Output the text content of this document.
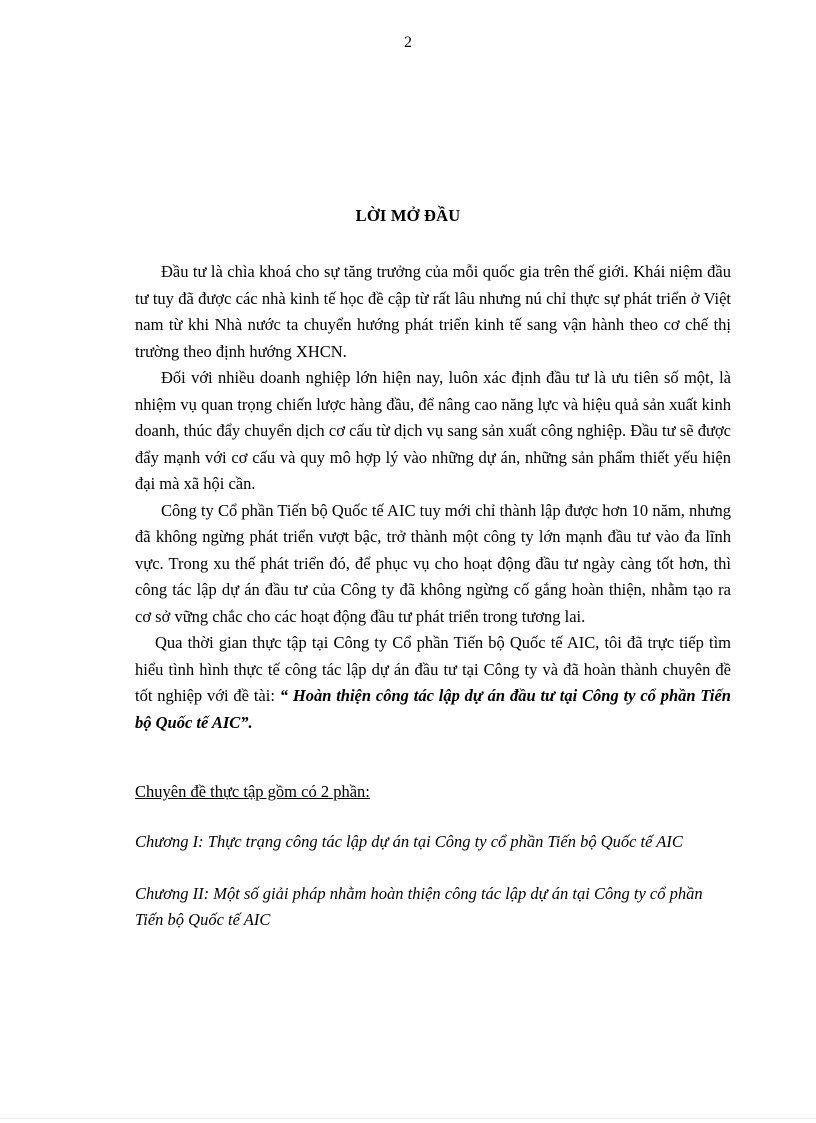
2
LỜI MỞ ĐẦU

Đầu tư là chìa khoá cho sự tăng trưởng của mỗi quốc gia trên thế giới. Khái niệm đầu tư tuy đã được các nhà kinh tế học đề cập từ rất lâu nhưng nú chỉ thực sự phát triển ở Việt nam từ khi Nhà nước ta chuyển hướng phát triển kinh tế sang vận hành theo cơ chế thị trường theo định hướng XHCN.

Đối với nhiều doanh nghiệp lớn hiện nay, luôn xác định đầu tư là ưu tiên số một, là nhiệm vụ quan trọng chiến lược hàng đầu, để nâng cao năng lực và hiệu quả sản xuất kinh doanh, thúc đẩy chuyển dịch cơ cấu từ dịch vụ sang sản xuất công nghiệp. Đầu tư sẽ được đẩy mạnh với cơ cấu và quy mô hợp lý vào những dự án, những sản phẩm thiết yếu hiện đại mà xã hội cần.

Công ty Cổ phần Tiến bộ Quốc tế AIC tuy mới chỉ thành lập được hơn 10 năm, nhưng đã không ngừng phát triển vượt bậc, trở thành một công ty lớn mạnh đầu tư vào đa lĩnh vực. Trong xu thế phát triển đó, để phục vụ cho hoạt động đầu tư ngày càng tốt hơn, thì công tác lập dự án đầu tư của Công ty đã không ngừng cố gắng hoàn thiện, nhằm tạo ra cơ sở vững chắc cho các hoạt động đầu tư phát triển trong tương lai.

Qua thời gian thực tập tại Công ty Cổ phần Tiến bộ Quốc tế AIC, tôi đã trực tiếp tìm hiểu tình hình thực tế công tác lập dự án đầu tư tại Công ty và đã hoàn thành chuyên đề tốt nghiệp với đề tài: “ Hoàn thiện công tác lập dự án đầu tư tại Công ty cổ phần Tiến bộ Quốc tế AIC”.

Chuyên đề thực tập gồm có 2 phần:

Chương I: Thực trạng công tác lập dự án tại Công ty cổ phần Tiến bộ Quốc tế AIC

Chương II: Một số giải pháp nhằm hoàn thiện công tác lập dự án tại Công ty cổ phần Tiến bộ Quốc tế AIC
